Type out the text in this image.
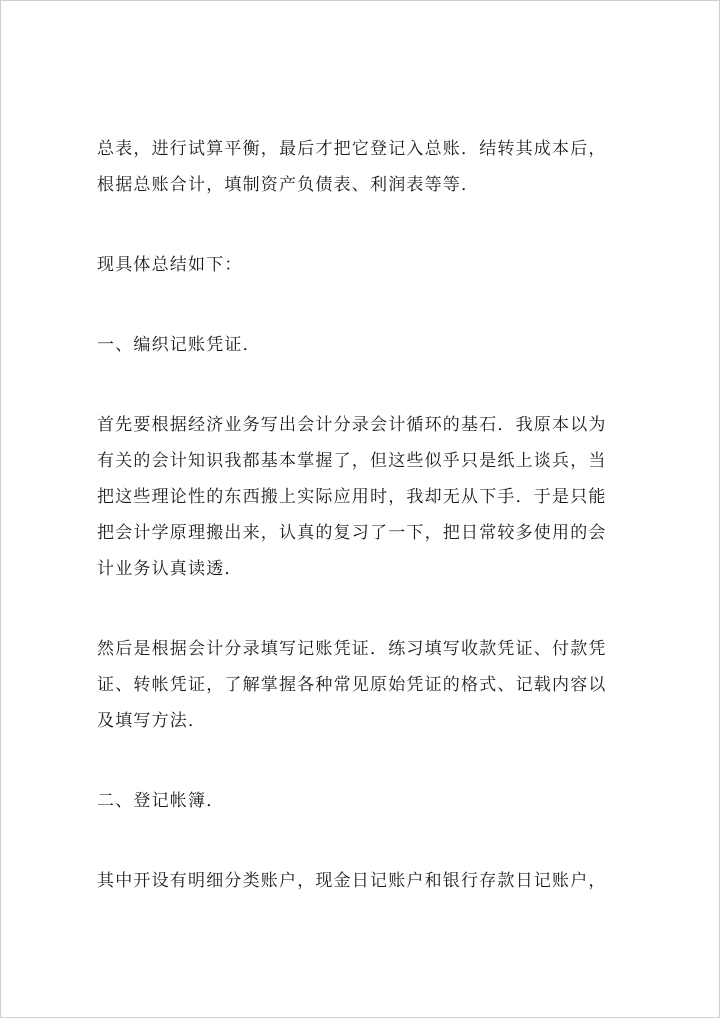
总表，进行试算平衡，最后才把它登记入总账．结转其成本后，
根据总账合计，填制资产负债表、利润表等等．
现具体总结如下：
一、编织记账凭证．
首先要根据经济业务写出会计分录会计循环的基石．我原本以为
有关的会计知识我都基本掌握了，但这些似乎只是纸上谈兵，当
把这些理论性的东西搬上实际应用时，我却无从下手．于是只能
把会计学原理搬出来，认真的复习了一下，把日常较多使用的会
计业务认真读透．
然后是根据会计分录填写记账凭证．练习填写收款凭证、付款凭
证、转帐凭证，了解掌握各种常见原始凭证的格式、记载内容以
及填写方法．
二、登记帐簿．
其中开设有明细分类账户，现金日记账户和银行存款日记账户，
